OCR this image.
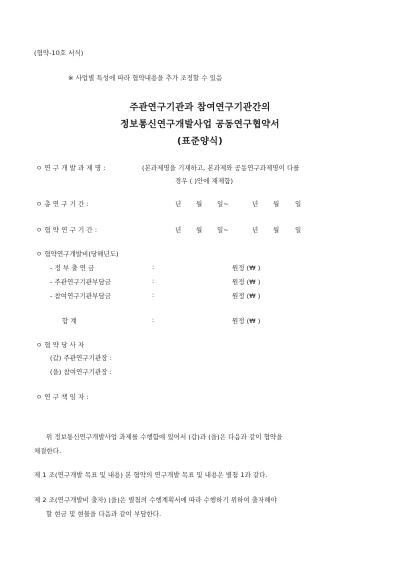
(협약-10호 서식)
※ 사업별 특성에 따라 협약내용을 추가 조정할 수 있음
주관연구기관과 참여연구기관간의
정보통신연구개발사업 공동연구협약서
(표준양식)
ㅇ 연 구 개 발 과 제 명 :	(본과제명을 기재하고, 본과제와 공동연구과제명이 다를
경우 ( )안에 재제함)
ㅇ 총 연 구 기 간 :	년 월 일~	년 월 일
ㅇ 협 약 연 구 기 간 :	년 월 일~	년 월 일
ㅇ 협약연구개발비(당해년도)
- 정 부 출 연 금	:	원정 (₩ )
- 주관연구기관부담금	:	원정 (₩ )
- 참여연구기관부담금	:	원정 (₩ )
합 계	:	원정 (₩ )
ㅇ 협 약 당 사 자
(갑) 주관연구기관장 :
(을) 참여연구기관장 :
ㅇ 연 구 책 임 자 :
위 정보통신연구개발사업 과제를 수행함에 있어서 (갑)과 (을)은 다음과 같이 협약을
체결한다.
제 1 조(연구개발 목표 및 내용) 본 협약의 연구개발 목표 및 내용은 별첨 1과 같다.
제 2 조(연구개발비 출자) (을)은 별첨의 수행계획서에 따라 수행하기 위하여 출자해야
할 현금 및 현물을 다음과 같이 부담한다.
